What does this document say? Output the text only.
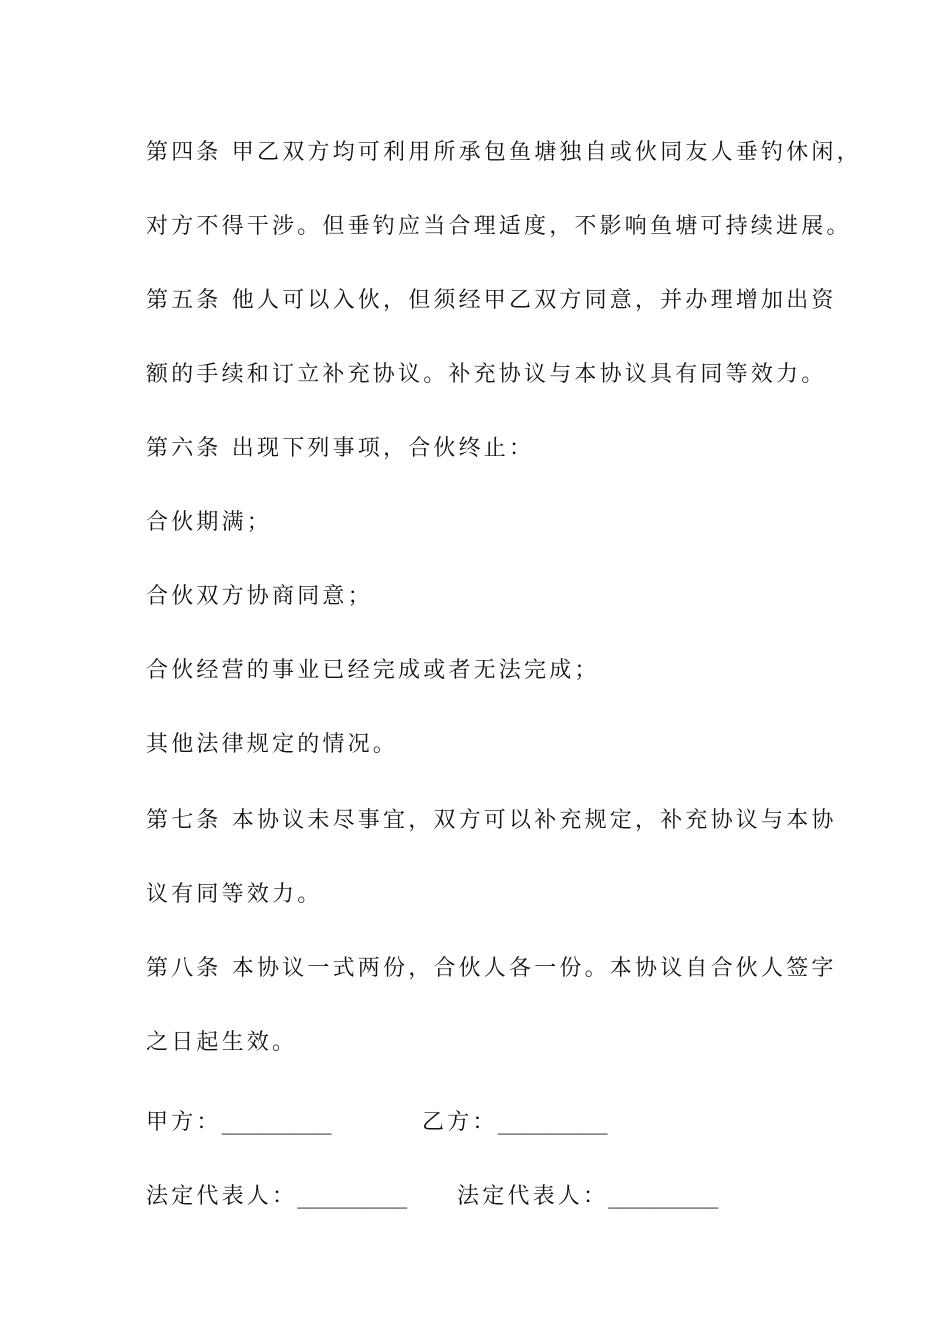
第四条 甲乙双方均可利用所承包鱼塘独自或伙同友人垂钓休闲，
对方不得干涉。但垂钓应当合理适度，不影响鱼塘可持续进展。
第五条 他人可以入伙，但须经甲乙双方同意，并办理增加出资
额的手续和订立补充协议。补充协议与本协议具有同等效力。
第六条 出现下列事项，合伙终止：
合伙期满；
合伙双方协商同意；
合伙经营的事业已经完成或者无法完成；
其他法律规定的情况。
第七条 本协议未尽事宜，双方可以补充规定，补充协议与本协
议有同等效力。
第八条 本协议一式两份，合伙人各一份。本协议自合伙人签字
之日起生效。
甲方：__________	乙方：__________
法定代表人：__________ 法定代表人：__________
